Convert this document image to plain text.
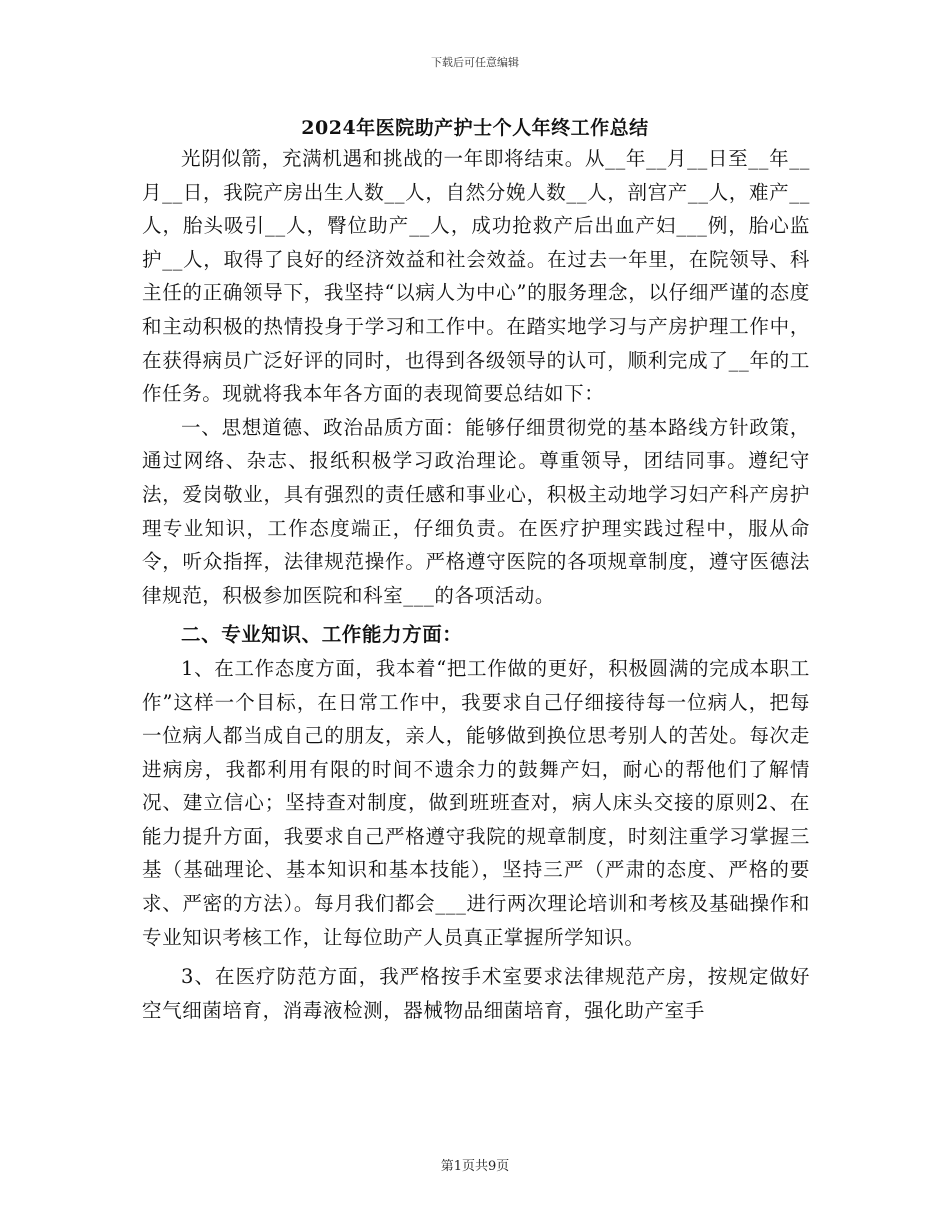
下载后可任意编辑
2024年医院助产护士个人年终工作总结

光阴似箭，充满机遇和挑战的一年即将结束。从__年__月__日至__年__月__日，我院产房出生人数__人，自然分娩人数__人，剖宫产__人，难产__人，胎头吸引__人，臀位助产__人，成功抢救产后出血产妇___例，胎心监护__人，取得了良好的经济效益和社会效益。在过去一年里，在院领导、科主任的正确领导下，我坚持“以病人为中心”的服务理念，以仔细严谨的态度和主动积极的热情投身于学习和工作中。在踏实地学习与产房护理工作中，在获得病员广泛好评的同时，也得到各级领导的认可，顺利完成了__年的工作任务。现就将我本年各方面的表现简要总结如下：

一、思想道德、政治品质方面：能够仔细贯彻党的基本路线方针政策，通过网络、杂志、报纸积极学习政治理论。尊重领导，团结同事。遵纪守法，爱岗敬业，具有强烈的责任感和事业心，积极主动地学习妇产科产房护理专业知识，工作态度端正，仔细负责。在医疗护理实践过程中，服从命令，听众指挥，法律规范操作。严格遵守医院的各项规章制度，遵守医德法律规范，积极参加医院和科室___的各项活动。

二、专业知识、工作能力方面：

1、在工作态度方面，我本着“把工作做的更好，积极圆满的完成本职工作”这样一个目标，在日常工作中，我要求自己仔细接待每一位病人，把每一位病人都当成自己的朋友，亲人，能够做到换位思考别人的苦处。每次走进病房，我都利用有限的时间不遗余力的鼓舞产妇，耐心的帮他们了解情况、建立信心；坚持查对制度，做到班班查对，病人床头交接的原则2、在能力提升方面，我要求自己严格遵守我院的规章制度，时刻注重学习掌握三基（基础理论、基本知识和基本技能），坚持三严（严肃的态度、严格的要求、严密的方法）。每月我们都会___进行两次理论培训和考核及基础操作和专业知识考核工作，让每位助产人员真正掌握所学知识。

3、在医疗防范方面，我严格按手术室要求法律规范产房，按规定做好空气细菌培育，消毒液检测，器械物品细菌培育，强化助产室手

第1页共9页
